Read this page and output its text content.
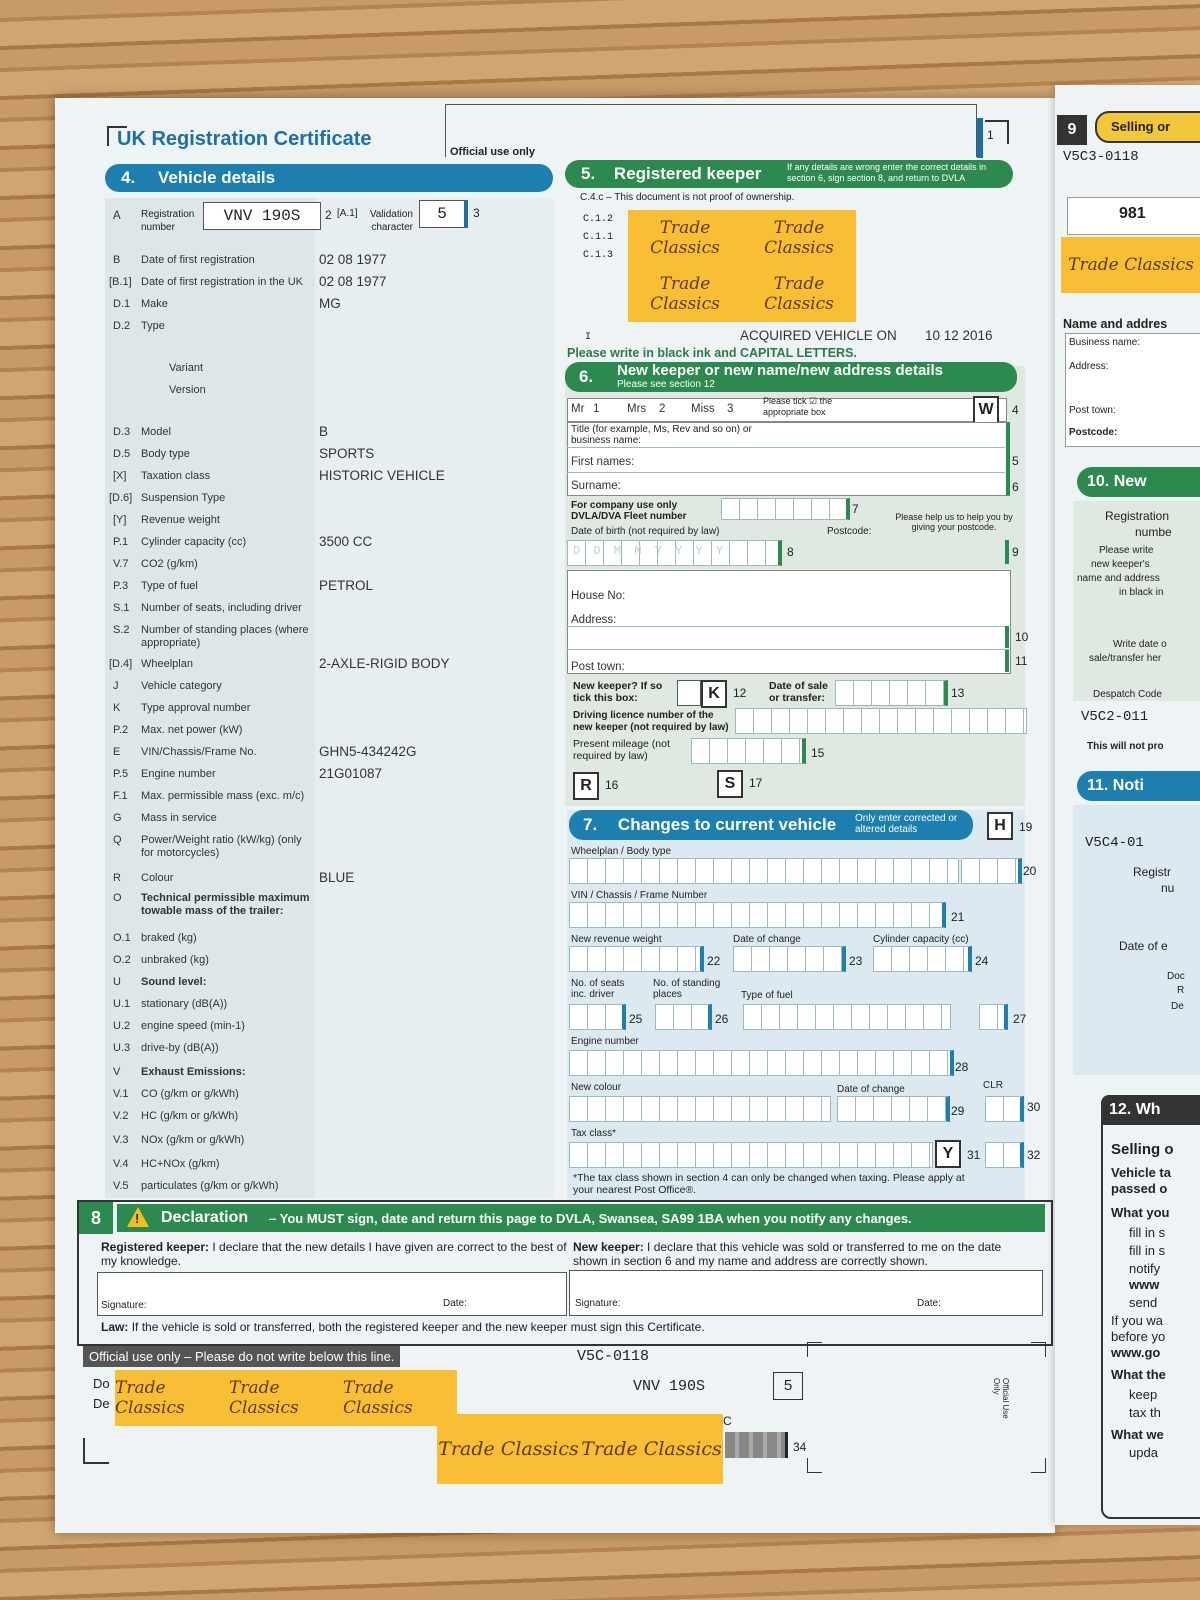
UK Registration Certificate
Official use only
1
4. Vehicle details
A Registration number
VNV 190S	2 [A.1]	Validation character
5	3
B Date of first registration	02 08 1977
[B.1] Date of first registration in the UK	02 08 1977
D.1 Make	MG
D.2 Type
Variant
Version
D.3 Model	B
D.5 Body type	SPORTS
[X] Taxation class	HISTORIC VEHICLE
[D.6] Suspension Type
[Y] Revenue weight
P.1 Cylinder capacity (cc)	3500 CC
V.7 CO2 (g/km)
P.3 Type of fuel	PETROL
S.1 Number of seats, including driver
S.2 Number of standing places (where appropriate)
[D.4] Wheelplan	2-AXLE-RIGID BODY
J Vehicle category
K Type approval number
P.2 Max. net power (kW)
E VIN/Chassis/Frame No.	GHN5-434242G
P.5 Engine number	21G01087
F.1 Max. permissible mass (exc. m/c)
G Mass in service
Q Power/Weight ratio (kW/kg) (only for motorcycles)
R Colour	BLUE
O Technical permissible maximum towable mass of the trailer:
O.1 braked (kg)
O.2 unbraked (kg)
U Sound level:
U.1 stationary (dB(A))
U.2 engine speed (min-1)
U.3 drive-by (dB(A))
V Exhaust Emissions:
V.1 CO (g/km or g/kWh)
V.2 HC (g/km or g/kWh)
V.3 NOx (g/km or g/kWh)
V.4 HC+NOx (g/km)
V.5 particulates (g/km or g/kWh)
5. Registered keeper	If any details are wrong enter the correct details in section 6, sign section 8, and return to DVLA
C.4.c – This document is not proof of ownership.
C.1.2
C.1.1
C.1.3
I	ACQUIRED VEHICLE ON 10 12 2016
Please write in black ink and CAPITAL LETTERS.
6. New keeper or new name/new address details
Please see section 12
Mr 1 Mrs 2 Miss 3
Please tick ☑ the appropriate box	W	4
Title (for example, Ms, Rev and so on) or business name:
First names:	5
Surname:	6
For company use only DVLA/DVA Fleet number
7
Date of birth (not required by law)	Postcode:
Please help us to help you by giving your postcode.
D D M M Y Y Y Y	8	9
House No:
Address:
10
Post town:	11
New keeper? If so tick this box:	K	12 Date of sale or transfer:	13
Driving licence number of the new keeper (not required by law)
Present mileage (not required by law)	15
R	16	S	17
7. Changes to current vehicle Only enter corrected or altered details	H	19
Wheelplan / Body type
20
VIN / Chassis / Frame Number
21
New revenue weight
22
Date of change
23
Cylinder capacity (cc)
24
No. of seats inc. driver
25
No. of standing places
26
Type of fuel
27
Engine number
28
New colour	Date of change
29
CLR
30
Tax class*
Y	31	32
*The tax class shown in section 4 can only be changed when taxing. Please apply at your nearest Post Office®.
8	! Declaration – You MUST sign, date and return this page to DVLA, Swansea, SA99 1BA when you notify any changes.
Registered keeper: I declare that the new details I have given are correct to the best of my knowledge.
New keeper: I declare that this vehicle was sold or transferred to me on the date shown in section 6 and my name and address are correctly shown.
Signature:	Date:	Signature:	Date:
Law: If the vehicle is sold or transferred, both the registered keeper and the new keeper must sign this Certificate.
Official use only – Please do not write below this line.	V5C-0118
VNV 190S	5
Do
De
C
34
Official Use Only
Trade Classics
Trade Classics
Trade Classics
Trade Classics
Trade Classics
Trade Classics
Trade Classics
Trade Classics Trade Classics
9	Selling or
V5C3-0118
981
Trade Classics
Name and addres
Business name:
Address:
Post town:
Postcode:
10. New
Registration
numbe
Please write
new keeper's
name and address
in black in
Write date o
sale/transfer her
Despatch Code
V5C2-011
This will not pro
11. Noti
V5C4-01
Registr
nu
Date of e
Doc
R
De
12. Wh
Selling o
Vehicle ta
passed o
What you
fill in s
fill in s
notify
www
send
If you wa
before yo
www.go
What the
keep
tax th
What we
upda
